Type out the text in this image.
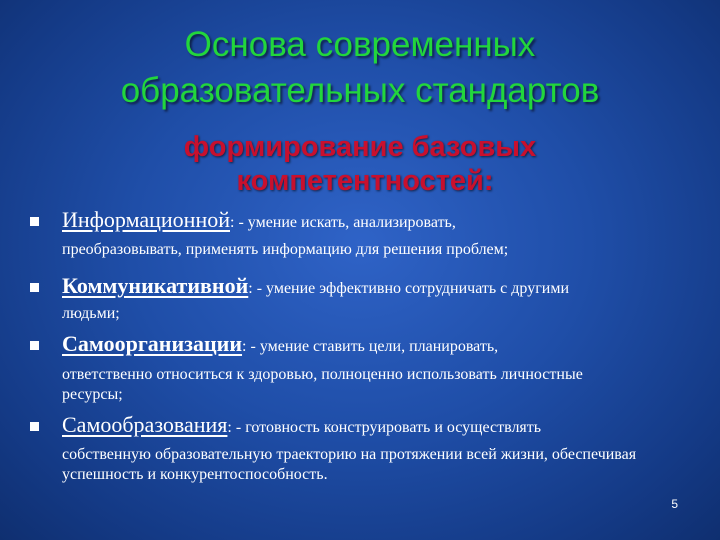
Основа современных
образовательных стандартов
формирование базовых
компетентностей:
Информационной: - умение искать, анализировать,
преобразовывать, применять информацию для решения проблем;
Коммуникативной: - умение эффективно сотрудничать с другими
людьми;
Самоорганизации: - умение ставить цели, планировать,
ответственно относиться к здоровью, полноценно использовать личностные ресурсы;
Самообразования: - готовность конструировать и осуществлять
собственную образовательную траекторию на протяжении всей жизни, обеспечивая успешность и конкурентоспособность.
5
